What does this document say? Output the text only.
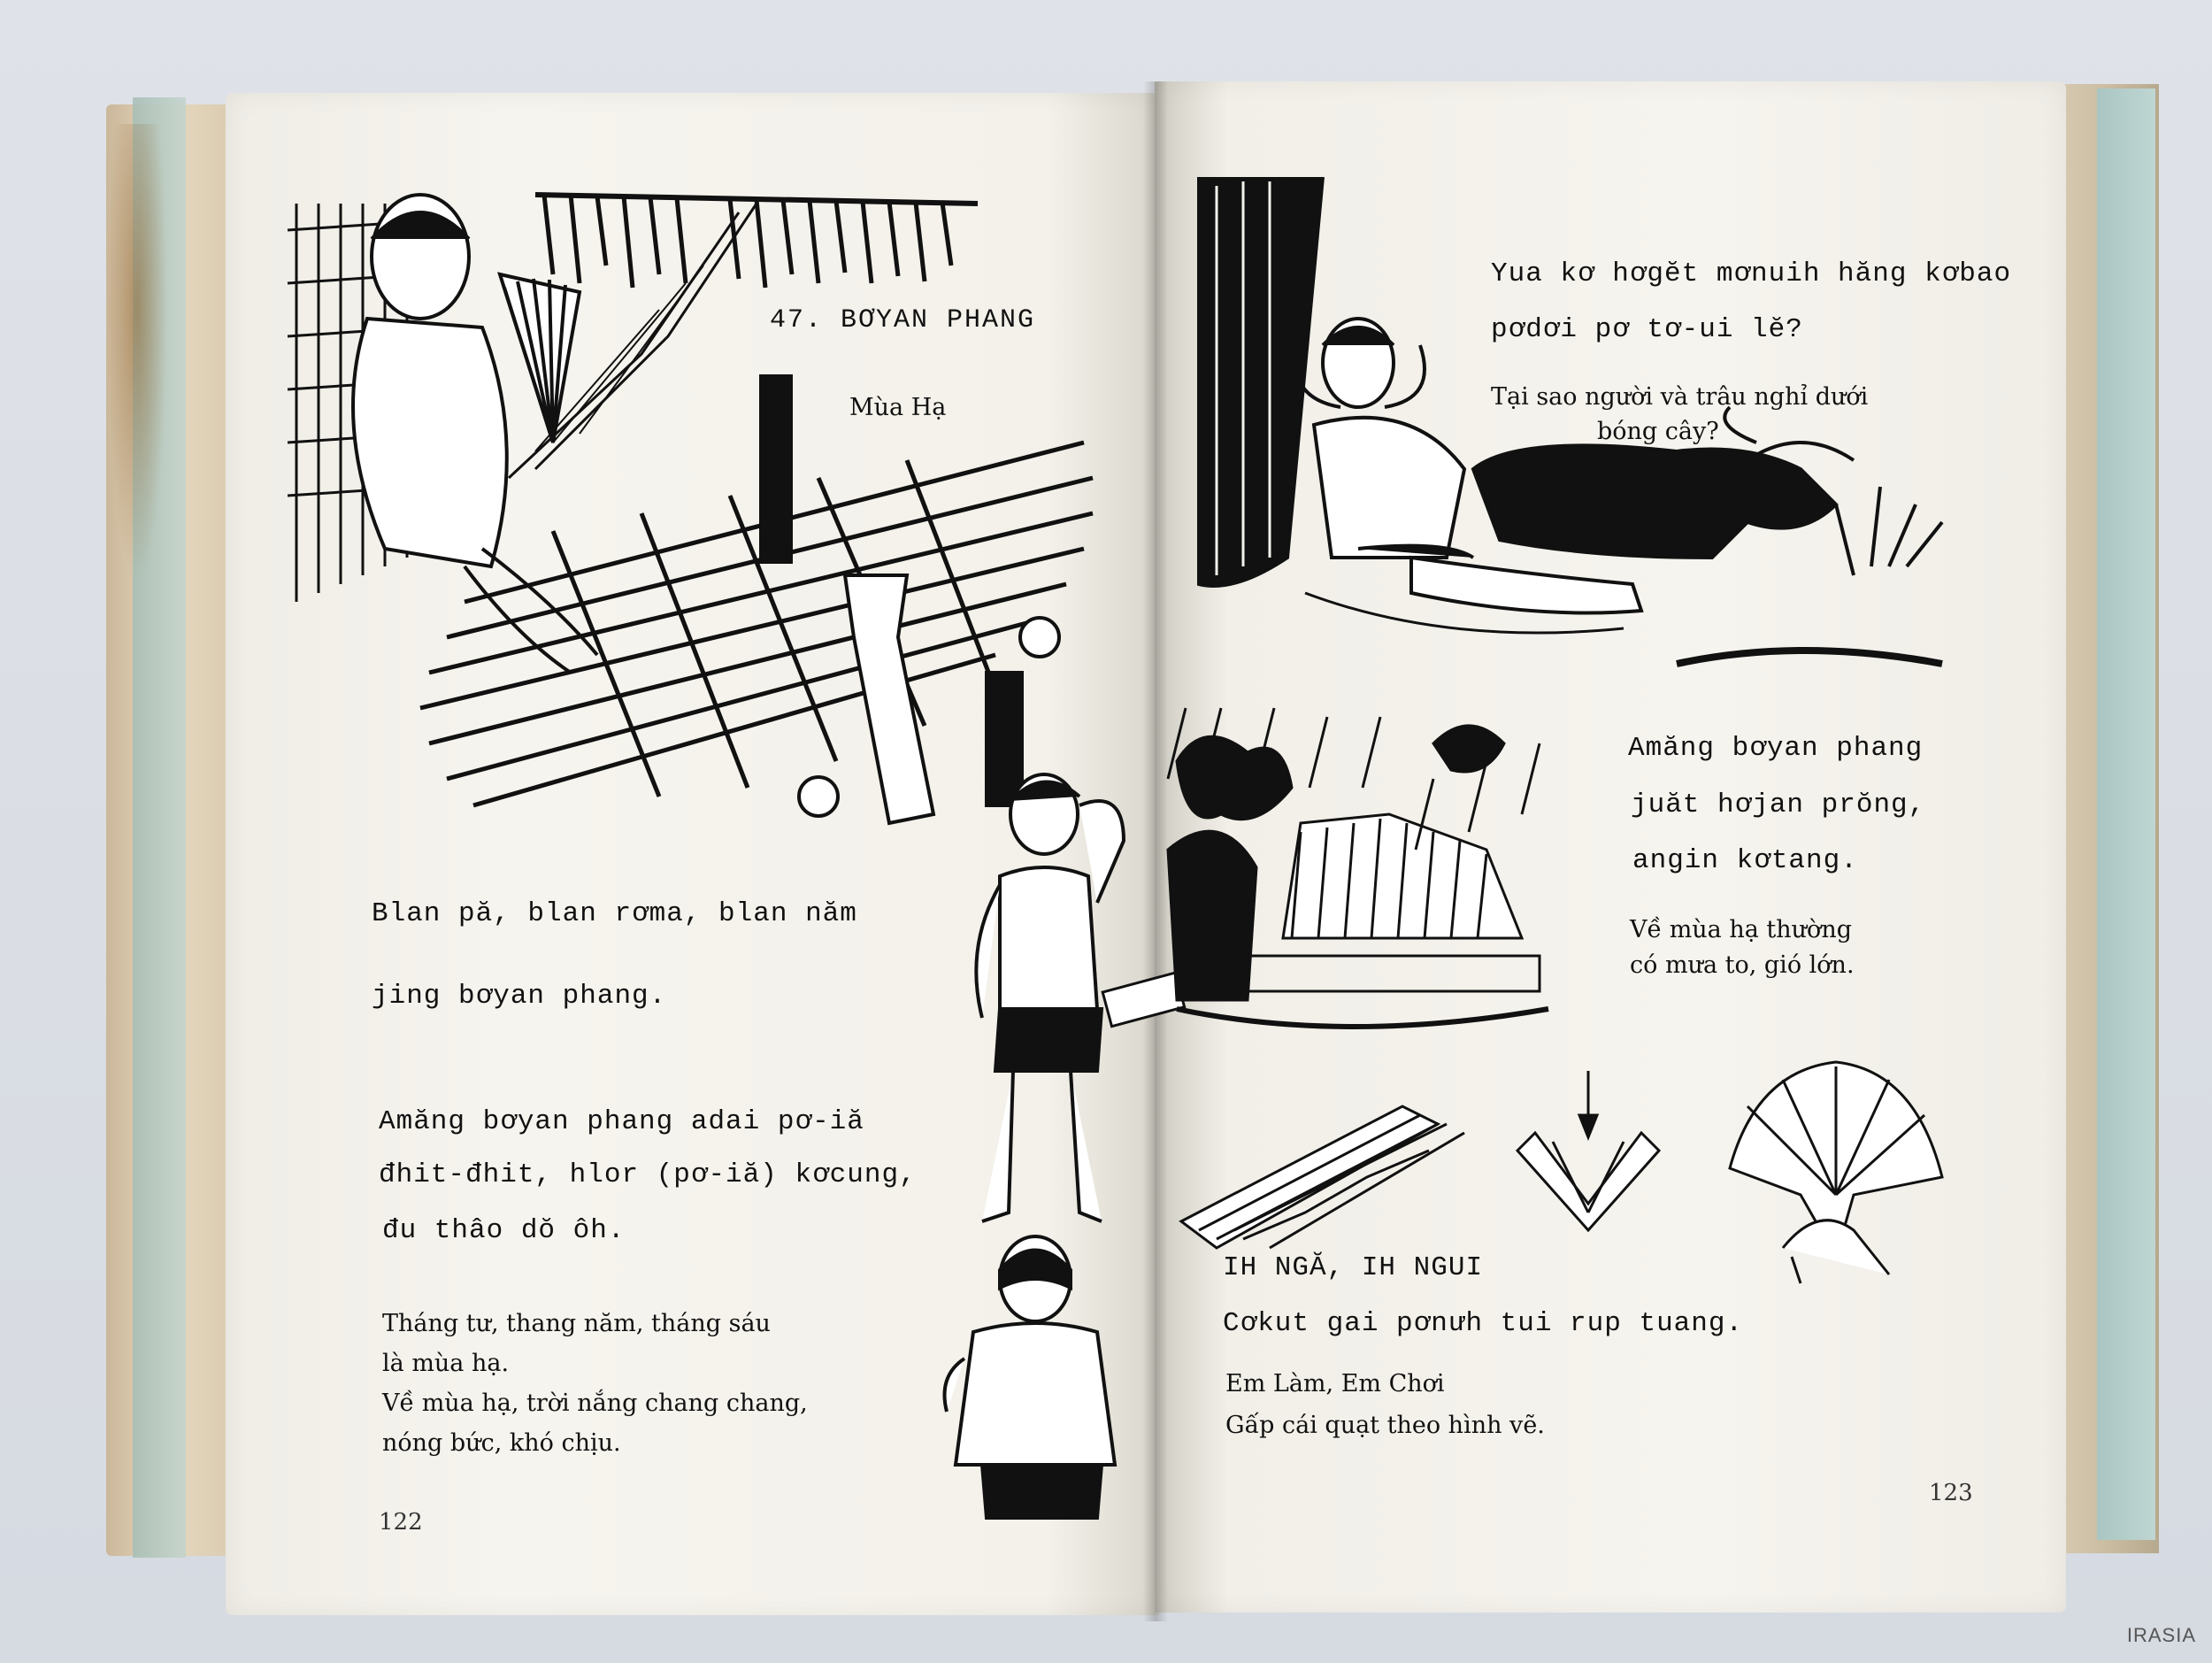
47. BƠYAN PHANG
Mùa Hạ
Blan pă, blan rơma, blan năm
jing bơyan phang.
Amăng bơyan phang adai pơ-iă
đhit-đhit, hlor (pơ-iă) kơcung,
đu thâo dŏ ôh.
Tháng tư, thang năm, tháng sáu
là mùa hạ.
Về mùa hạ, trời nắng chang chang,
nóng bức, khó chịu.
122
Yua kơ hơgĕt mơnuih hăng kơbao
pơdơi pơ tơ-ui lĕ?
Tại sao người và trâu nghỉ dưới
bóng cây?
Amăng bơyan phang
juăt hơjan prŏng,
angin kơtang.
Về mùa hạ thường
có mưa to, gió lớn.
IH NGĂ, IH NGUI
Cơkut gai pơnưh tui rup tuang.
Em Làm, Em Chơi
Gấp cái quạt theo hình vẽ.
123
IRASIA
